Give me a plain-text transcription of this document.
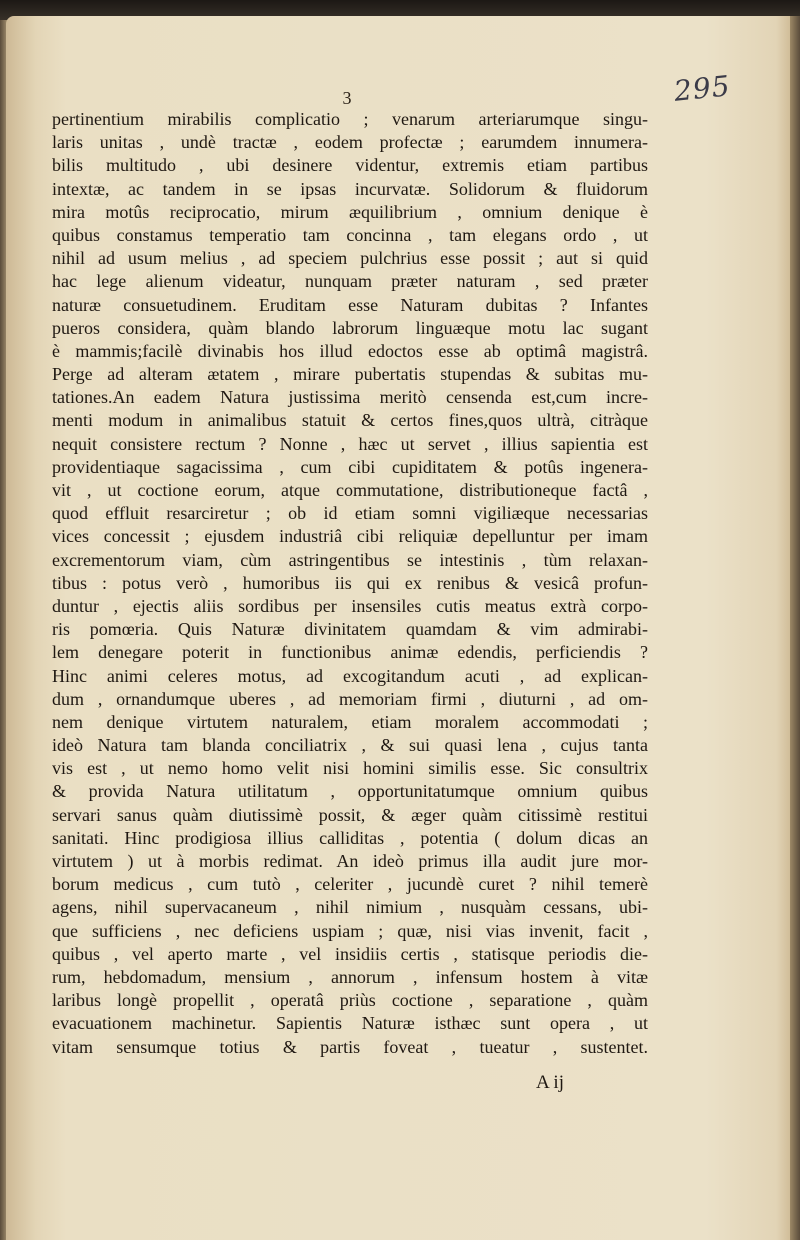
3	295
pertinentium mirabilis complicatio ; venarum arteriarumque singu-
laris unitas , undè tractæ , eodem profectæ ; earumdem innumera-
bilis multitudo , ubi desinere videntur, extremis etiam partibus
intextæ, ac tandem in se ipsas incurvatæ. Solidorum & fluidorum
mira motûs reciprocatio, mirum æquilibrium , omnium denique è
quibus constamus temperatio tam concinna , tam elegans ordo , ut
nihil ad usum melius , ad speciem pulchrius esse possit ; aut si quid
hac lege alienum videatur, nunquam præter naturam , sed præter
naturæ consuetudinem. Eruditam esse Naturam dubitas ? Infantes
pueros considera, quàm blando labrorum linguæque motu lac sugant
è mammis;facilè divinabis hos illud edoctos esse ab optimâ magistrâ.
Perge ad alteram ætatem , mirare pubertatis stupendas & subitas mu-
tationes.An eadem Natura justissima meritò censenda est,cum incre-
menti modum in animalibus statuit & certos fines,quos ultrà, citràque
nequit consistere rectum ? Nonne , hæc ut servet , illius sapientia est
providentiaque sagacissima , cum cibi cupiditatem & potûs ingenera-
vit , ut coctione eorum, atque commutatione, distributioneque factâ ,
quod effluit resarciretur ; ob id etiam somni vigiliæque necessarias
vices concessit ; ejusdem industriâ cibi reliquiæ depelluntur per imam
excrementorum viam, cùm astringentibus se intestinis , tùm relaxan-
tibus : potus verò , humoribus iis qui ex renibus & vesicâ profun-
duntur , ejectis aliis sordibus per insensiles cutis meatus extrà corpo-
ris pomœria. Quis Naturæ divinitatem quamdam & vim admirabi-
lem denegare poterit in functionibus animæ edendis, perficiendis ?
Hinc animi celeres motus, ad excogitandum acuti , ad explican-
dum , ornandumque uberes , ad memoriam firmi , diuturni , ad om-
nem denique virtutem naturalem, etiam moralem accommodati ;
ideò Natura tam blanda conciliatrix , & sui quasi lena , cujus tanta
vis est , ut nemo homo velit nisi homini similis esse. Sic consultrix
& provida Natura utilitatum , opportunitatumque omnium quibus
servari sanus quàm diutissimè possit, & æger quàm citissimè restitui
sanitati. Hinc prodigiosa illius calliditas , potentia ( dolum dicas an
virtutem ) ut à morbis redimat. An ideò primus illa audit jure mor-
borum medicus , cum tutò , celeriter , jucundè curet ? nihil temerè
agens, nihil supervacaneum , nihil nimium , nusquàm cessans, ubi-
que sufficiens , nec deficiens uspiam ; quæ, nisi vias invenit, facit ,
quibus , vel aperto marte , vel insidiis certis , statisque periodis die-
rum, hebdomadum, mensium , annorum , infensum hostem à vitæ
laribus longè propellit , operatâ priùs coctione , separatione , quàm
evacuationem machinetur. Sapientis Naturæ isthæc sunt opera , ut
vitam sensumque totius & partis foveat , tueatur , sustentet.

A ij
